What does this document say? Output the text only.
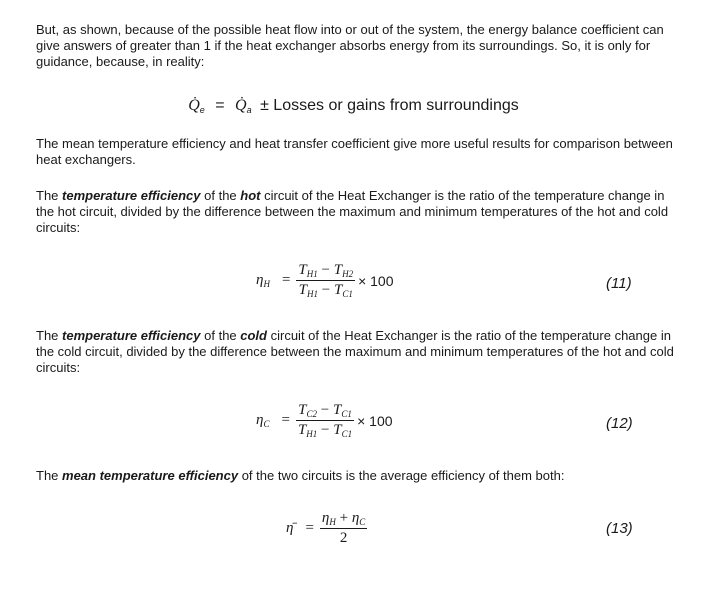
But, as shown, because of the possible heat flow into or out of the system, the energy balance coefficient can give answers of greater than 1 if the heat exchanger absorbs energy from its surroundings. So, it is only for guidance, because, in reality:

$Q̇_e$ = $Q̇_a$ ± Losses or gains from surroundings

The mean temperature efficiency and heat transfer coefficient give more useful results for comparison between heat exchangers.

The temperature efficiency of the hot circuit of the Heat Exchanger is the ratio of the temperature change in the hot circuit, divided by the difference between the maximum and minimum temperatures of the hot and cold circuits:

$\eta_H = \frac{T_{H1} - T_{H2}}{T_{H1} - T_{C1}} \times 100$	(11)

The temperature efficiency of the cold circuit of the Heat Exchanger is the ratio of the temperature change in the cold circuit, divided by the difference between the maximum and minimum temperatures of the hot and cold circuits:

$\eta_C = \frac{T_{C2} - T_{C1}}{T_{H1} - T_{C1}} \times 100$	(12)

The mean temperature efficiency of the two circuits is the average efficiency of them both:

η̄ = $\frac{\eta_H + \eta_C}{2}$	(13)
